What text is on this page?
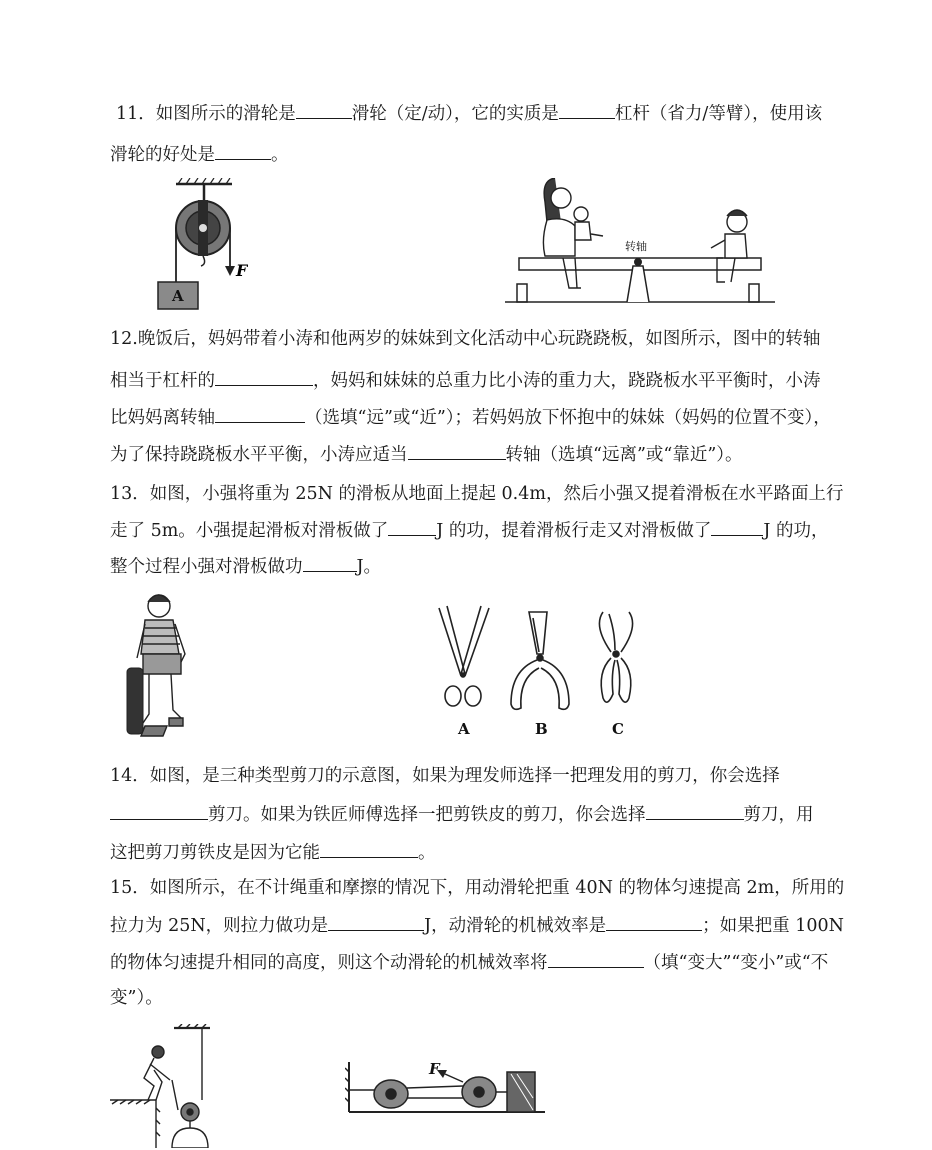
11．如图所示的滑轮是	滑轮（定/动），它的实质是	杠杆（省力/等臂），使用该
滑轮的好处是	。
F
A
转轴
12.晚饭后，妈妈带着小涛和他两岁的妹妹到文化活动中心玩跷跷板，如图所示，图中的转轴
相当于杠杆的	，妈妈和妹妹的总重力比小涛的重力大，跷跷板水平平衡时，小涛
比妈妈离转轴	（选填“远”或“近”）；若妈妈放下怀抱中的妹妹（妈妈的位置不变），
为了保持跷跷板水平平衡，小涛应适当	转轴（选填“远离”或“靠近”）。
13．如图，小强将重为 25N 的滑板从地面上提起 0.4m，然后小强又提着滑板在水平路面上行
走了 5m。小强提起滑板对滑板做了	J 的功，提着滑板行走又对滑板做了	J 的功，
整个过程小强对滑板做功	J。
A	B	C
14．如图，是三种类型剪刀的示意图，如果为理发师选择一把理发用的剪刀，你会选择
剪刀。如果为铁匠师傅选择一把剪铁皮的剪刀，你会选择	剪刀，用
这把剪刀剪铁皮是因为它能	。
15．如图所示，在不计绳重和摩擦的情况下，用动滑轮把重 40N 的物体匀速提高 2m，所用的
拉力为 25N，则拉力做功是	J，动滑轮的机械效率是	；如果把重 100N
的物体匀速提升相同的高度，则这个动滑轮的机械效率将	（填“变大”“变小”或“不
变”）。
F
